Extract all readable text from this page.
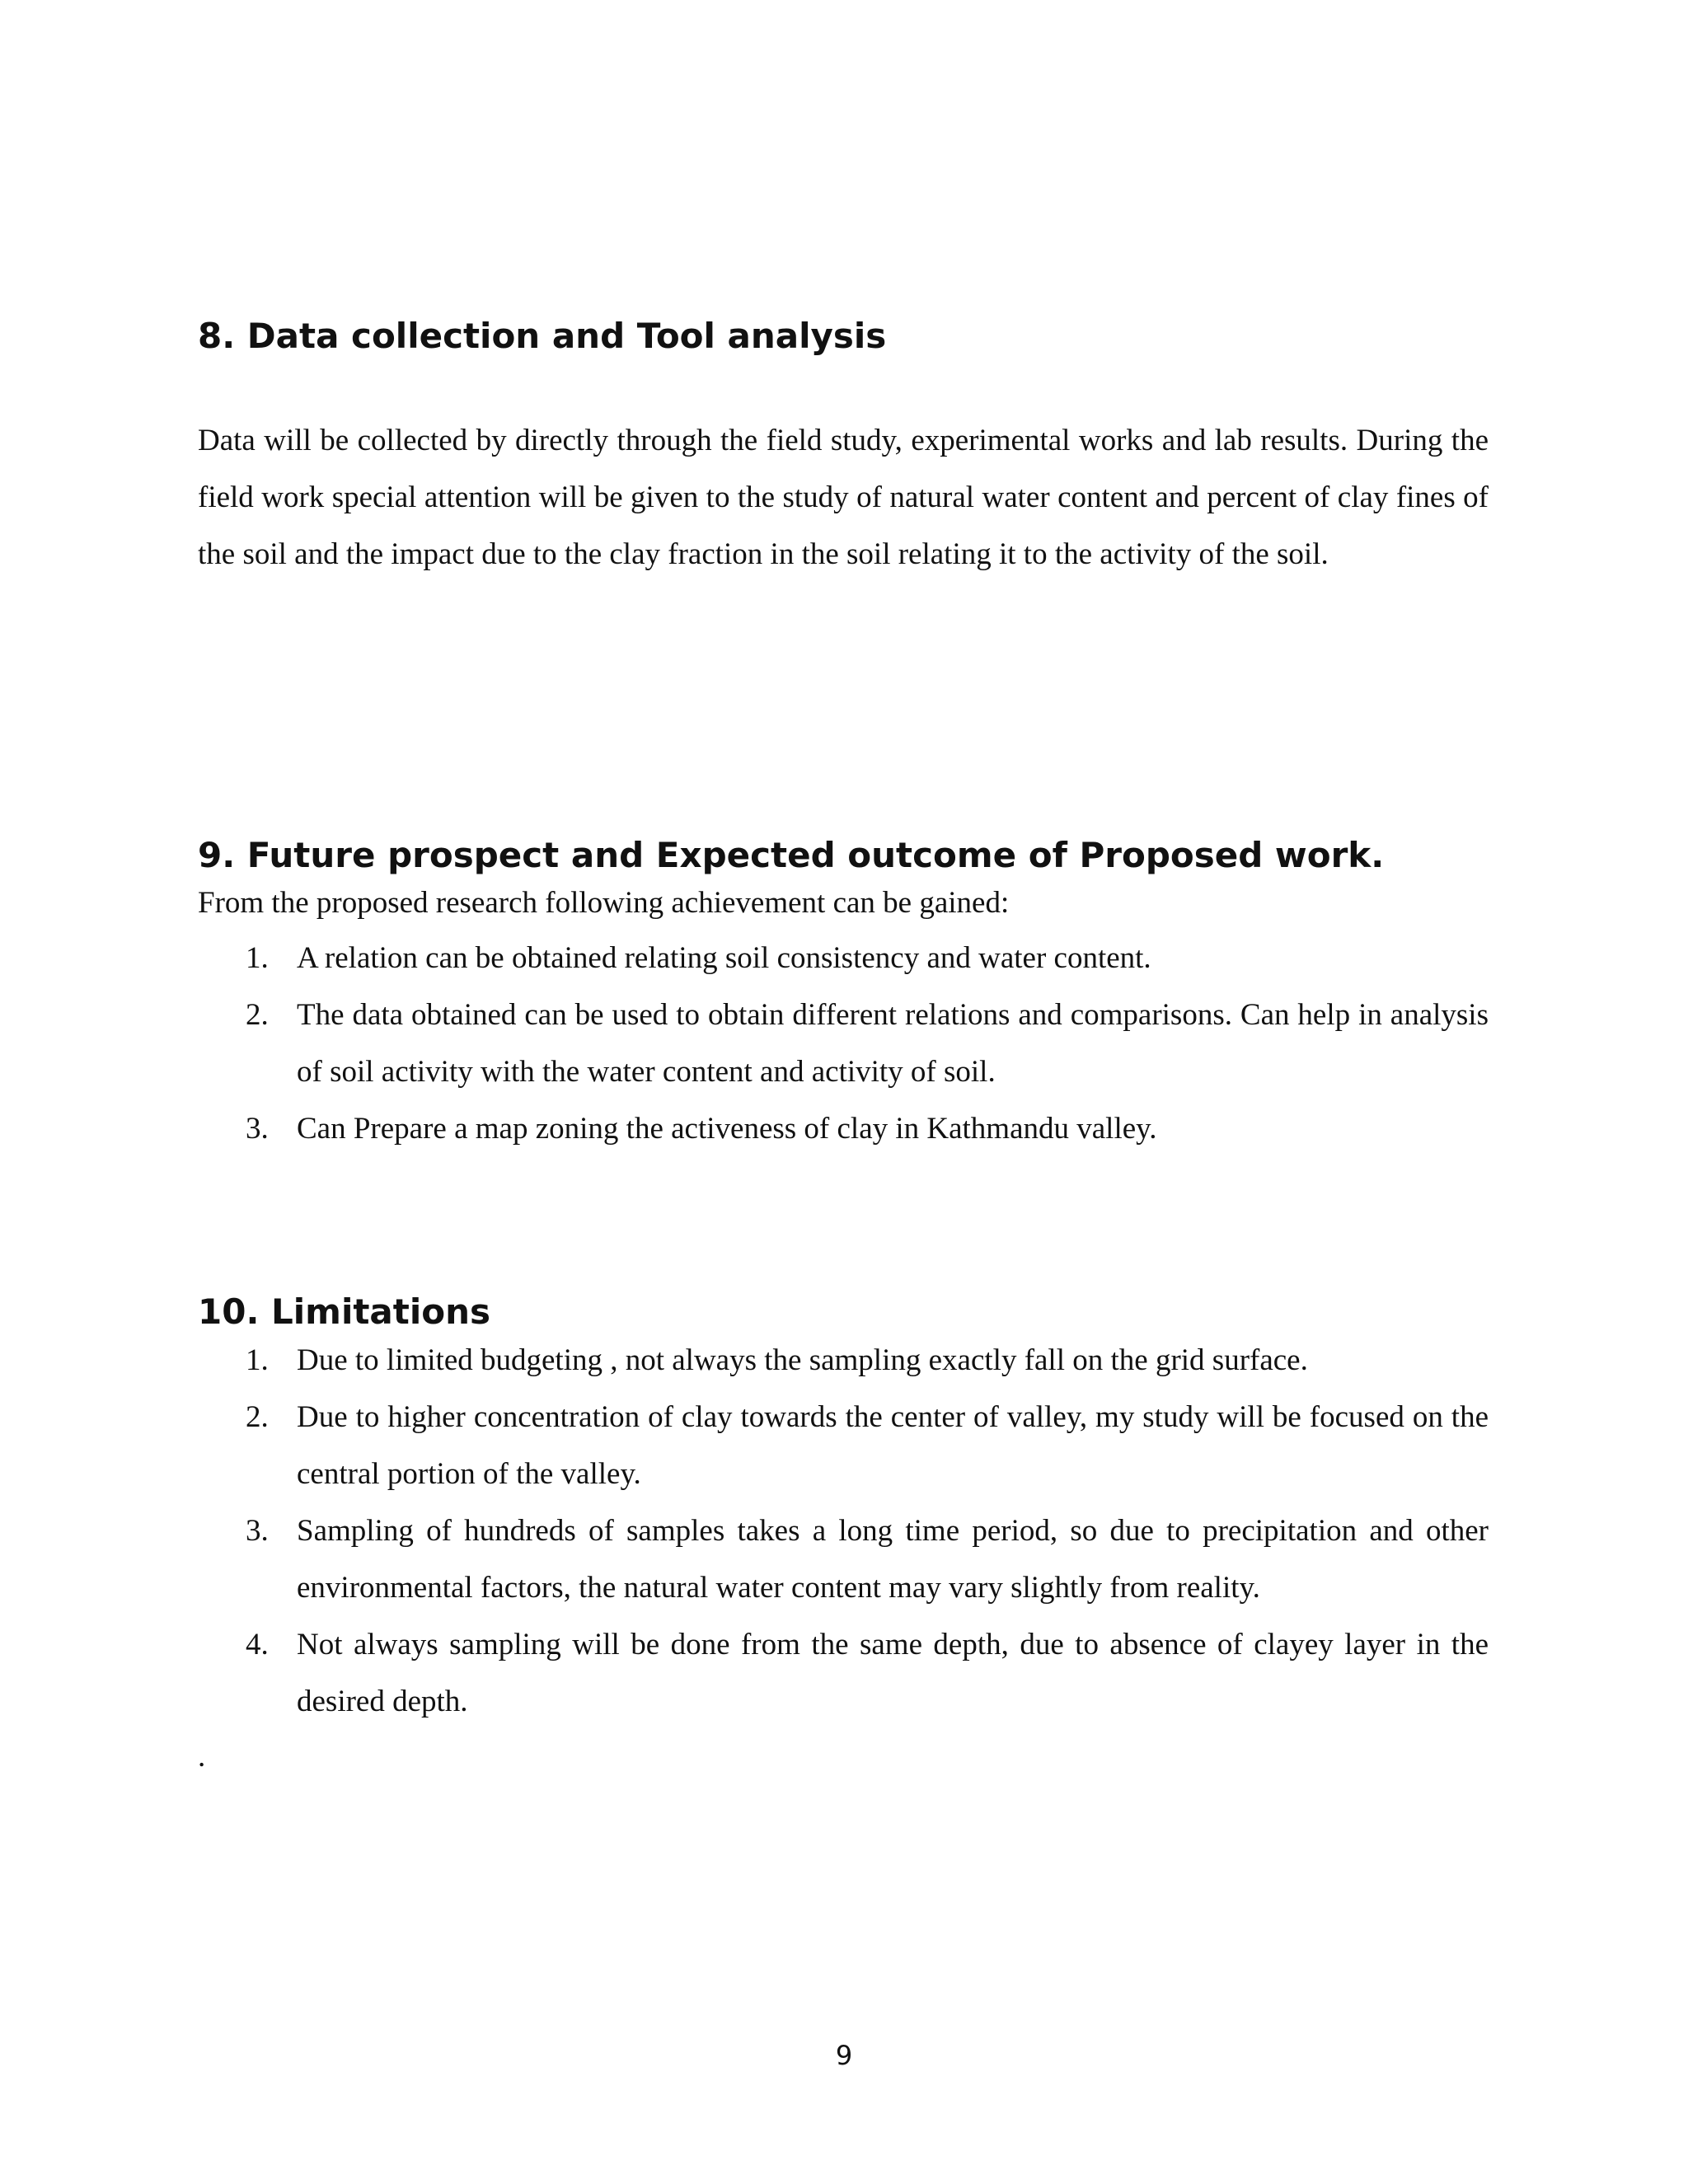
8. Data collection and Tool analysis

Data will be collected by directly through the field study, experimental works and lab results. During the field work special attention will be given to the study of natural water content and percent of clay fines of the soil and the impact due to the clay fraction in the soil relating it to the activity of the soil.

9. Future prospect and Expected outcome of Proposed work.

From the proposed research following achievement can be gained:

1. A relation can be obtained relating soil consistency and water content.
2. The data obtained can be used to obtain different relations and comparisons. Can help in analysis of soil activity with the water content and activity of soil.
3. Can Prepare a map zoning the activeness of clay in Kathmandu valley.
10. Limitations
1. Due to limited budgeting , not always the sampling exactly fall on the grid surface.
2. Due to higher concentration of clay towards the center of valley, my study will be focused on the central portion of the valley.
3. Sampling of hundreds of samples takes a long time period, so due to precipitation and other environmental factors, the natural water content may vary slightly from reality.
4. Not always sampling will be done from the same depth, due to absence of clayey layer in the desired depth.
.
9
